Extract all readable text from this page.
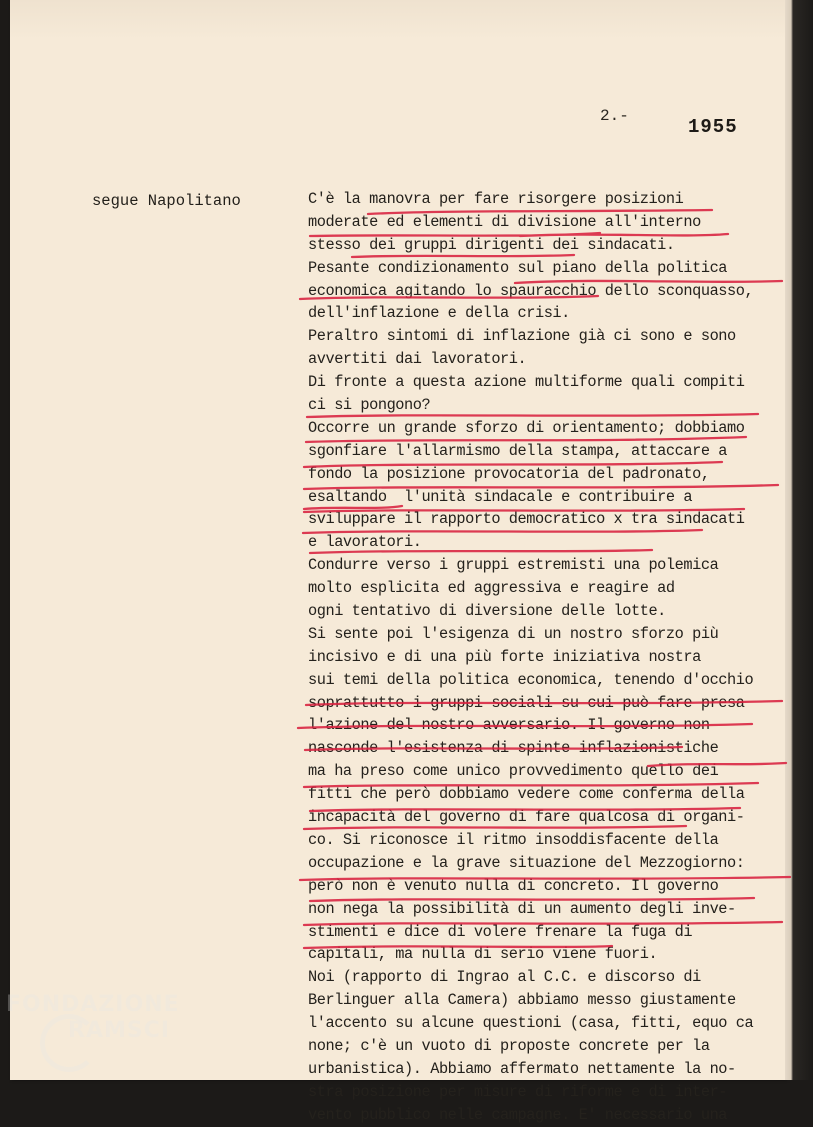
2.-	1955
segue Napolitano	C'è la manovra per fare risorgere posizioni
moderate ed elementi di divisione all'interno
stesso dei gruppi dirigenti dei sindacati.
Pesante condizionamento sul piano della politica
economica agitando lo spauracchio dello sconquasso,
dell'inflazione e della crisi.
Peraltro sintomi di inflazione già ci sono e sono
avvertiti dai lavoratori.
Di fronte a questa azione multiforme quali compiti
ci si pongono?
Occorre un grande sforzo di orientamento; dobbiamo
sgonfiare l'allarmismo della stampa, attaccare a
fondo la posizione provocatoria del padronato,
esaltando  l'unità sindacale e contribuire a
sviluppare il rapporto democratico x tra sindacati
e lavoratori.
Condurre verso i gruppi estremisti una polemica
molto esplicita ed aggressiva e reagire ad
ogni tentativo di diversione delle lotte.
Si sente poi l'esigenza di un nostro sforzo più
incisivo e di una più forte iniziativa nostra
sui temi della politica economica, tenendo d'occhio
soprattutto i gruppi sociali su cui può fare presa
l'azione del nostro avversario. Il governo non
nasconde l'esistenza di spinte inflazionistiche
ma ha preso come unico provvedimento quello dei
fitti che però dobbiamo vedere come conferma della
incapacità del governo di fare qualcosa di organi-
co. Si riconosce il ritmo insoddisfacente della
occupazione e la grave situazione del Mezzogiorno:
però non è venuto nulla di concreto. Il governo
non nega la possibilità di un aumento degli inve-
stimenti e dice di volere frenare la fuga di
capitali, ma nulla di serio viene fuori.
Noi (rapporto di Ingrao al C.C. e discorso di
Berlinguer alla Camera) abbiamo messo giustamente
l'accento su alcune questioni (casa, fitti, equo ca
none; c'è un vuoto di proposte concrete per la
urbanistica). Abbiamo affermato nettamente la no-
stra posizione per misure di riforme e di inter-
vento pubblico nelle campagne. E' necessario una
FONDAZIONE
RAMSCI
